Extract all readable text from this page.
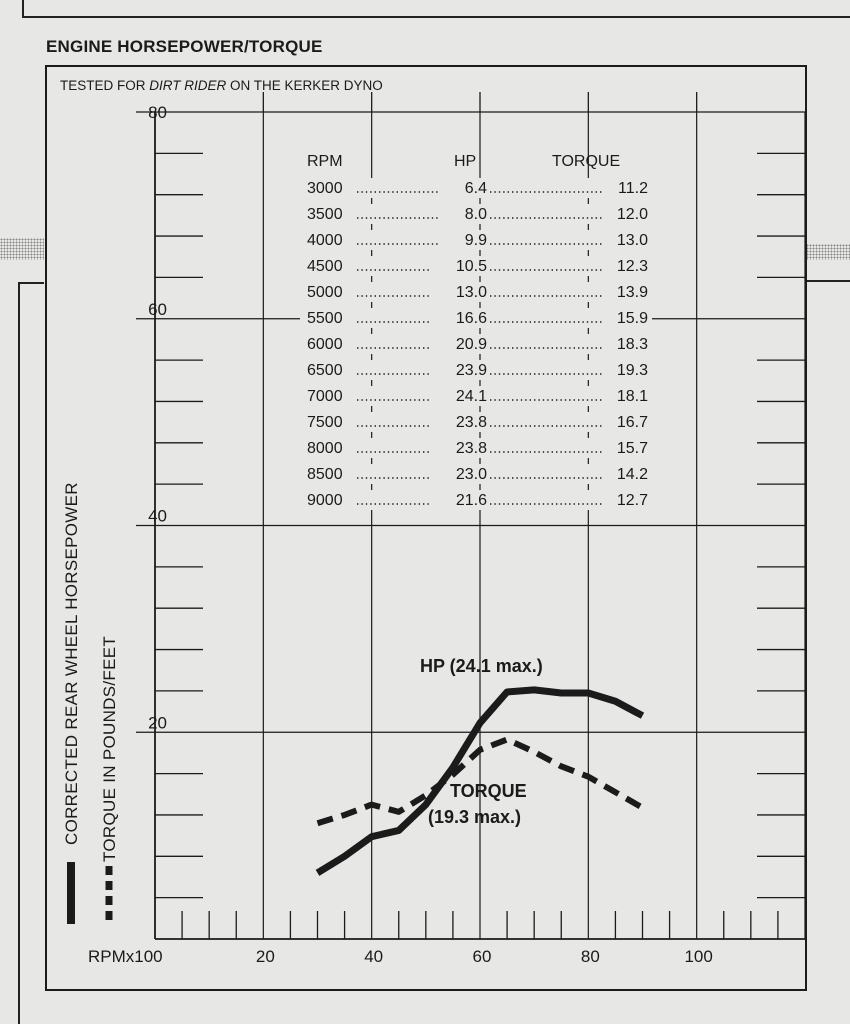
ENGINE HORSEPOWER/TORQUE
TESTED FOR DIRT RIDER ON THE KERKER DYNO
20
40
60
80
20	40	60	80	100
RPMx100
RPM	HP	TORQUE
3000	6.4	11.2
3500	8.0	12.0
4000	9.9	13.0
4500	10.5	12.3
5000	13.0	13.9
5500	16.6	15.9
6000	20.9	18.3
6500	23.9	19.3
7000	24.1	18.1
7500	23.8	16.7
8000	23.8	15.7
8500	23.0	14.2
9000	21.6	12.7
HP (24.1 max.)
TORQUE
(19.3 max.)
CORRECTED REAR WHEEL HORSEPOWER TORQUE IN POUNDS/FEET
